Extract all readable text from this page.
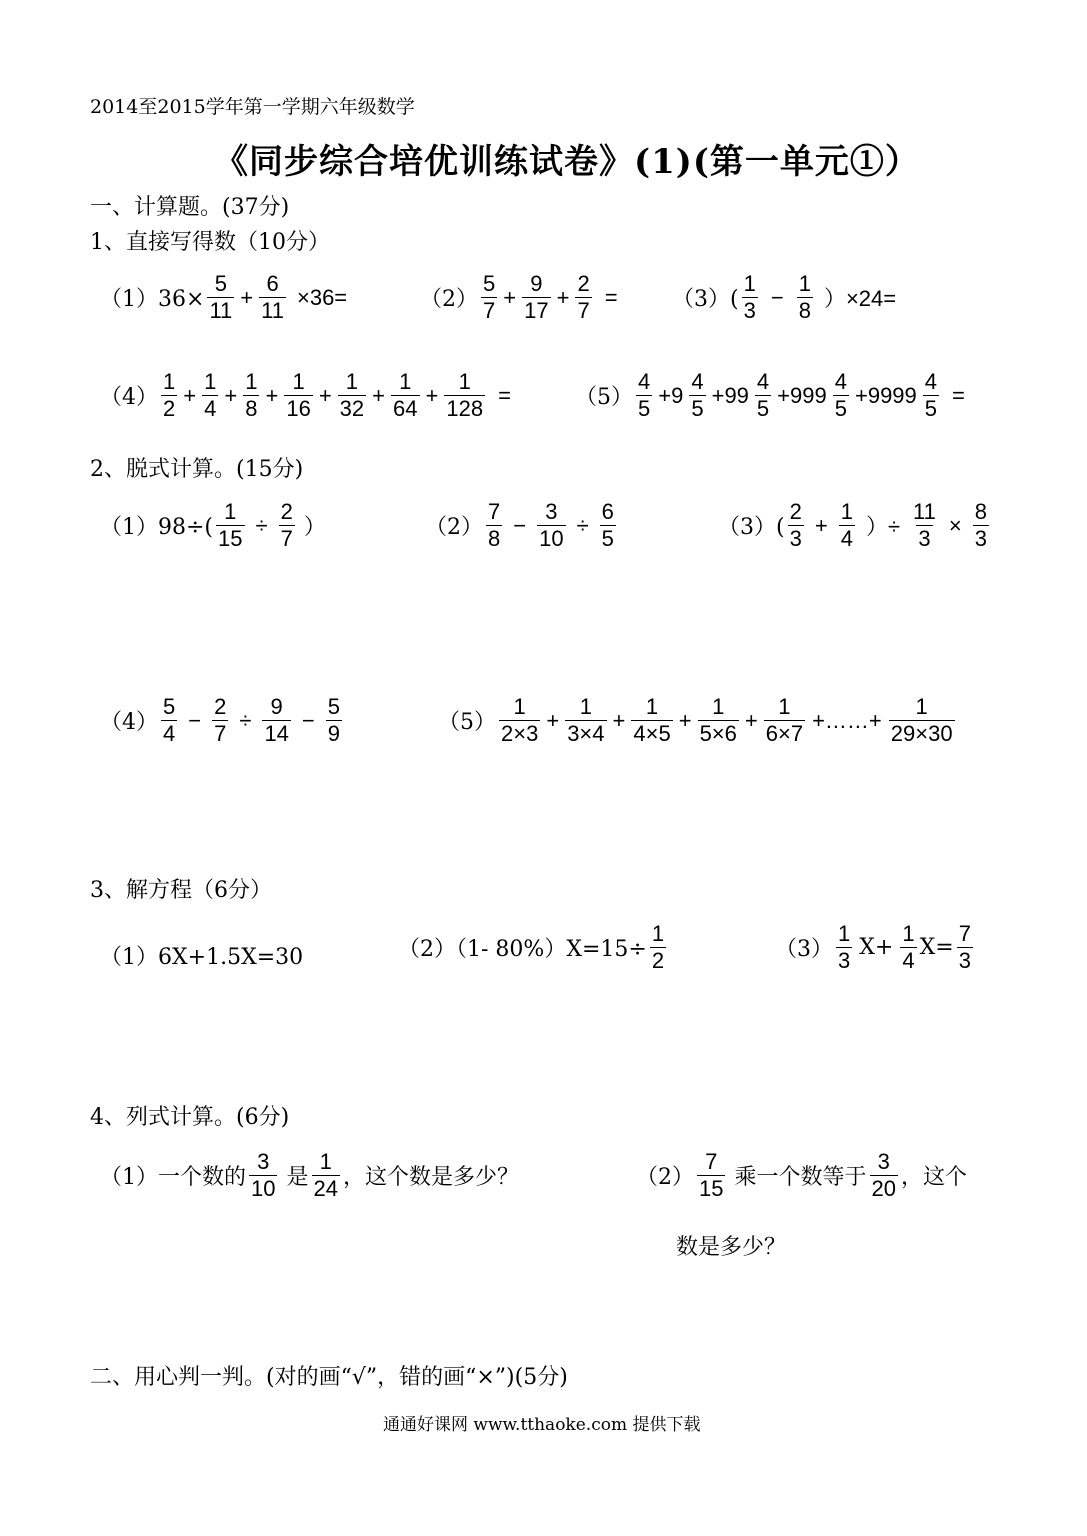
2014至2015学年第一学期六年级数学
《同步综合培优训练试卷》(1)(第一单元①）
一、计算题。(37分)
1、直接写得数（10分）
$(1)36\times \frac{5}{11} + \frac{6}{11} \times 36=$	$(2) \frac{5}{7} + \frac{9}{17} + \frac{2}{7} = (3)( \frac{1}{3} - \frac{1}{8} )\times 24=$
$(4) \frac{1}{2} + \frac{1}{4} + \frac{1}{8} + \frac{1}{16} + \frac{1}{32} + \frac{1}{64} + \frac{1}{128}$ =	$(5) \frac{4}{5} +9 \frac{4}{5} +99 \frac{4}{5} +999 \frac{4}{5} +9999 \frac{4}{5}$ =
2、脱式计算。(15分)
$(1)98\div( \frac{1}{15} \div \frac{2}{7}$ ）	$(2) \frac{7}{8} - \frac{3}{10} \div \frac{6}{5}$	$(3)( \frac{2}{3} + \frac{1}{4}$ ）÷ $\frac{11}{3} \times \frac{8}{3}$
$(4) \frac{5}{4} - \frac{2}{7} \div \frac{9}{14} - \frac{5}{9}$	$(5) \frac{1}{2\times 3} + \frac{1}{3\times 4} + \frac{1}{4\times 5} + \frac{1}{5\times 6} + \frac{1}{6\times 7}$ +……+ $\frac{1}{29\times 30}$
3、解方程（6分）
（1）6X+1.5X=30	（2）（1- $80\%)X=15\div \frac{1}{2}$	$(3) \frac{1}{3} X+ \frac{1}{4} X= \frac{7}{3}$
4、列式计算。(6分)
（1）一个数的 $\frac{3}{10}$ 是 $\frac{1}{24}$ ，这个数是多少？	$(2) \frac{7}{15}$ 乘一个数等于 $\frac{3}{20}$ ，这个
数是多少？
二、用心判一判。(对的画“√”，错的画“×”)(5分)
通通好课网 www.tthaoke.com 提供下载
